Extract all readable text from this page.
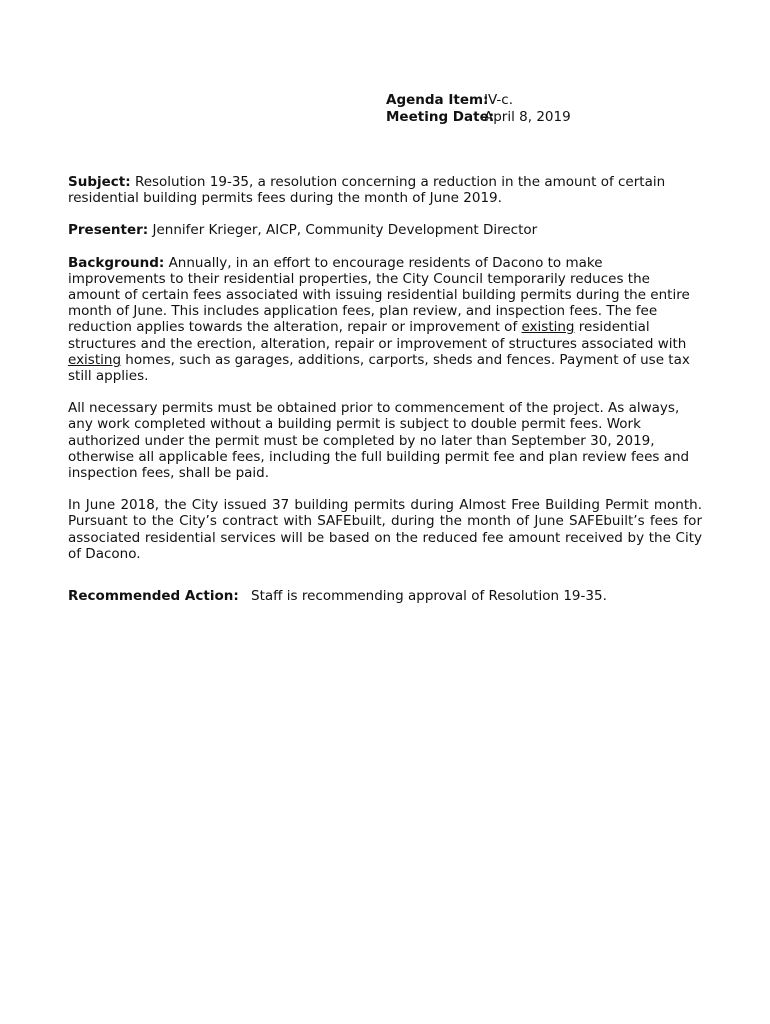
Agenda Item:IV-c.
Meeting Date:April 8, 2019

Subject: Resolution 19-35, a resolution concerning a reduction in the amount of certain residential building permits fees during the month of June 2019.

Presenter: Jennifer Krieger, AICP, Community Development Director

Background: Annually, in an effort to encourage residents of Dacono to make improvements to their residential properties, the City Council temporarily reduces the amount of certain fees associated with issuing residential building permits during the entire month of June. This includes application fees, plan review, and inspection fees. The fee reduction applies towards the alteration, repair or improvement of existing residential structures and the erection, alteration, repair or improvement of structures associated with existing homes, such as garages, additions, carports, sheds and fences. Payment of use tax still applies.

All necessary permits must be obtained prior to commencement of the project. As always, any work completed without a building permit is subject to double permit fees. Work authorized under the permit must be completed by no later than September 30, 2019, otherwise all applicable fees, including the full building permit fee and plan review fees and inspection fees, shall be paid.

In June 2018, the City issued 37 building permits during Almost Free Building Permit month. Pursuant to the City’s contract with SAFEbuilt, during the month of June SAFEbuilt’s fees for associated residential services will be based on the reduced fee amount received by the City of Dacono.

Recommended Action: Staff is recommending approval of Resolution 19-35.
